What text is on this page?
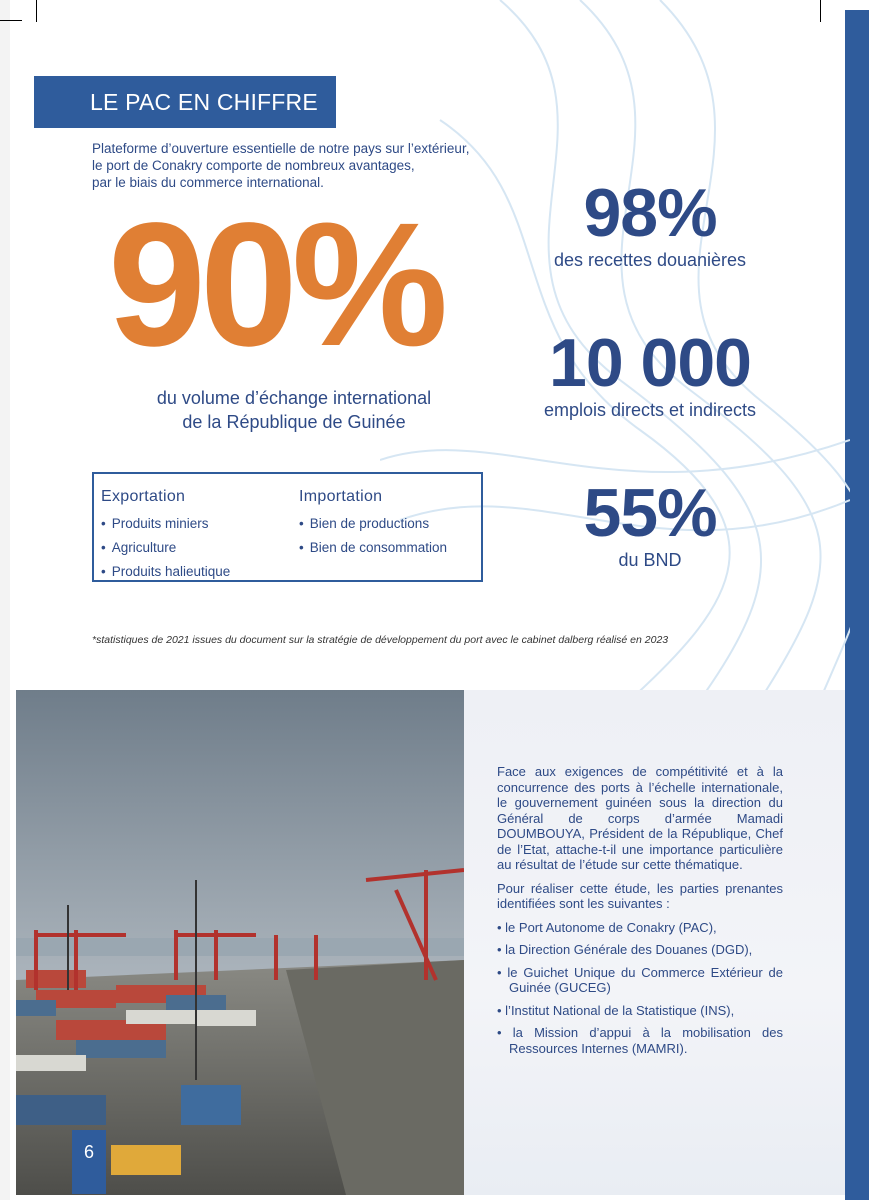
LE PAC EN CHIFFRE
Plateforme d’ouverture essentielle de notre pays sur l’extérieur,
le port de Conakry comporte de nombreux avantages,
par le biais du commerce international.
90%
du volume d’échange international
de la République de Guinée
98%
des recettes douanières
10 000
emplois directs et indirects
55%
du BND
Exportation
• Produits miniers
• Agriculture
• Produits halieutique
Importation
• Bien de productions
• Bien de consommation
*statistiques de 2021 issues du document sur la stratégie de développement du port avec le cabinet dalberg réalisé en 2023

Face aux exigences de compétitivité et à la concurrence des ports à l’échelle internationale, le gouvernement guinéen sous la direction du Général de corps d’armée Mamadi DOUMBOUYA, Président de la République, Chef de l’Etat, attache-t-il une importance particulière au résultat de l’étude sur cette thématique.

Pour réaliser cette étude, les parties prenantes identifiées sont les suivantes :

• le Port Autonome de Conakry (PAC),
• la Direction Générale des Douanes (DGD),
• le Guichet Unique du Commerce Extérieur de Guinée (GUCEG)
• l’Institut National de la Statistique (INS),
• la Mission d’appui à la mobilisation des Ressources Internes (MAMRI).
6
